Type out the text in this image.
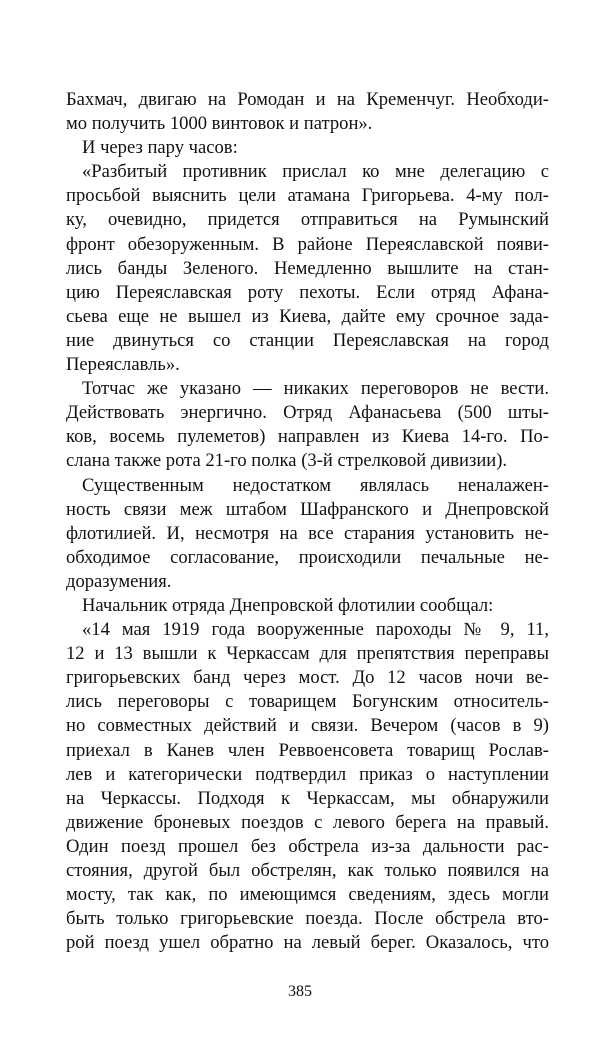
Бахмач, двигаю на Ромодан и на Кременчуг. Необходи-
мо получить 1000 винтовок и патрон».
И через пару часов:
«Разбитый противник прислал ко мне делегацию с
просьбой выяснить цели атамана Григорьева. 4-му пол-
ку, очевидно, придется отправиться на Румынский
фронт обезоруженным. В районе Переяславской появи-
лись банды Зеленого. Немедленно вышлите на стан-
цию Переяславская роту пехоты. Если отряд Афана-
сьева еще не вышел из Киева, дайте ему срочное зада-
ние двинуться со станции Переяславская на город
Переяславль».
Тотчас же указано — никаких переговоров не вести.
Действовать энергично. Отряд Афанасьева (500 шты-
ков, восемь пулеметов) направлен из Киева 14-го. По-
слана также рота 21-го полка (3-й стрелковой дивизии).
Существенным недостатком являлась неналажен-
ность связи меж штабом Шафранского и Днепровской
флотилией. И, несмотря на все старания установить не-
обходимое согласование, происходили печальные не-
доразумения.
Начальник отряда Днепровской флотилии сообщал:
«14 мая 1919 года вооруженные пароходы № 9, 11,
12 и 13 вышли к Черкассам для препятствия переправы
григорьевских банд через мост. До 12 часов ночи ве-
лись переговоры с товарищем Богунским относитель-
но совместных действий и связи. Вечером (часов в 9)
приехал в Канев член Реввоенсовета товарищ Рослав-
лев и категорически подтвердил приказ о наступлении
на Черкассы. Подходя к Черкассам, мы обнаружили
движение броневых поездов с левого берега на правый.
Один поезд прошел без обстрела из-за дальности рас-
стояния, другой был обстрелян, как только появился на
мосту, так как, по имеющимся сведениям, здесь могли
быть только григорьевские поезда. После обстрела вто-
рой поезд ушел обратно на левый берег. Оказалось, что
385
